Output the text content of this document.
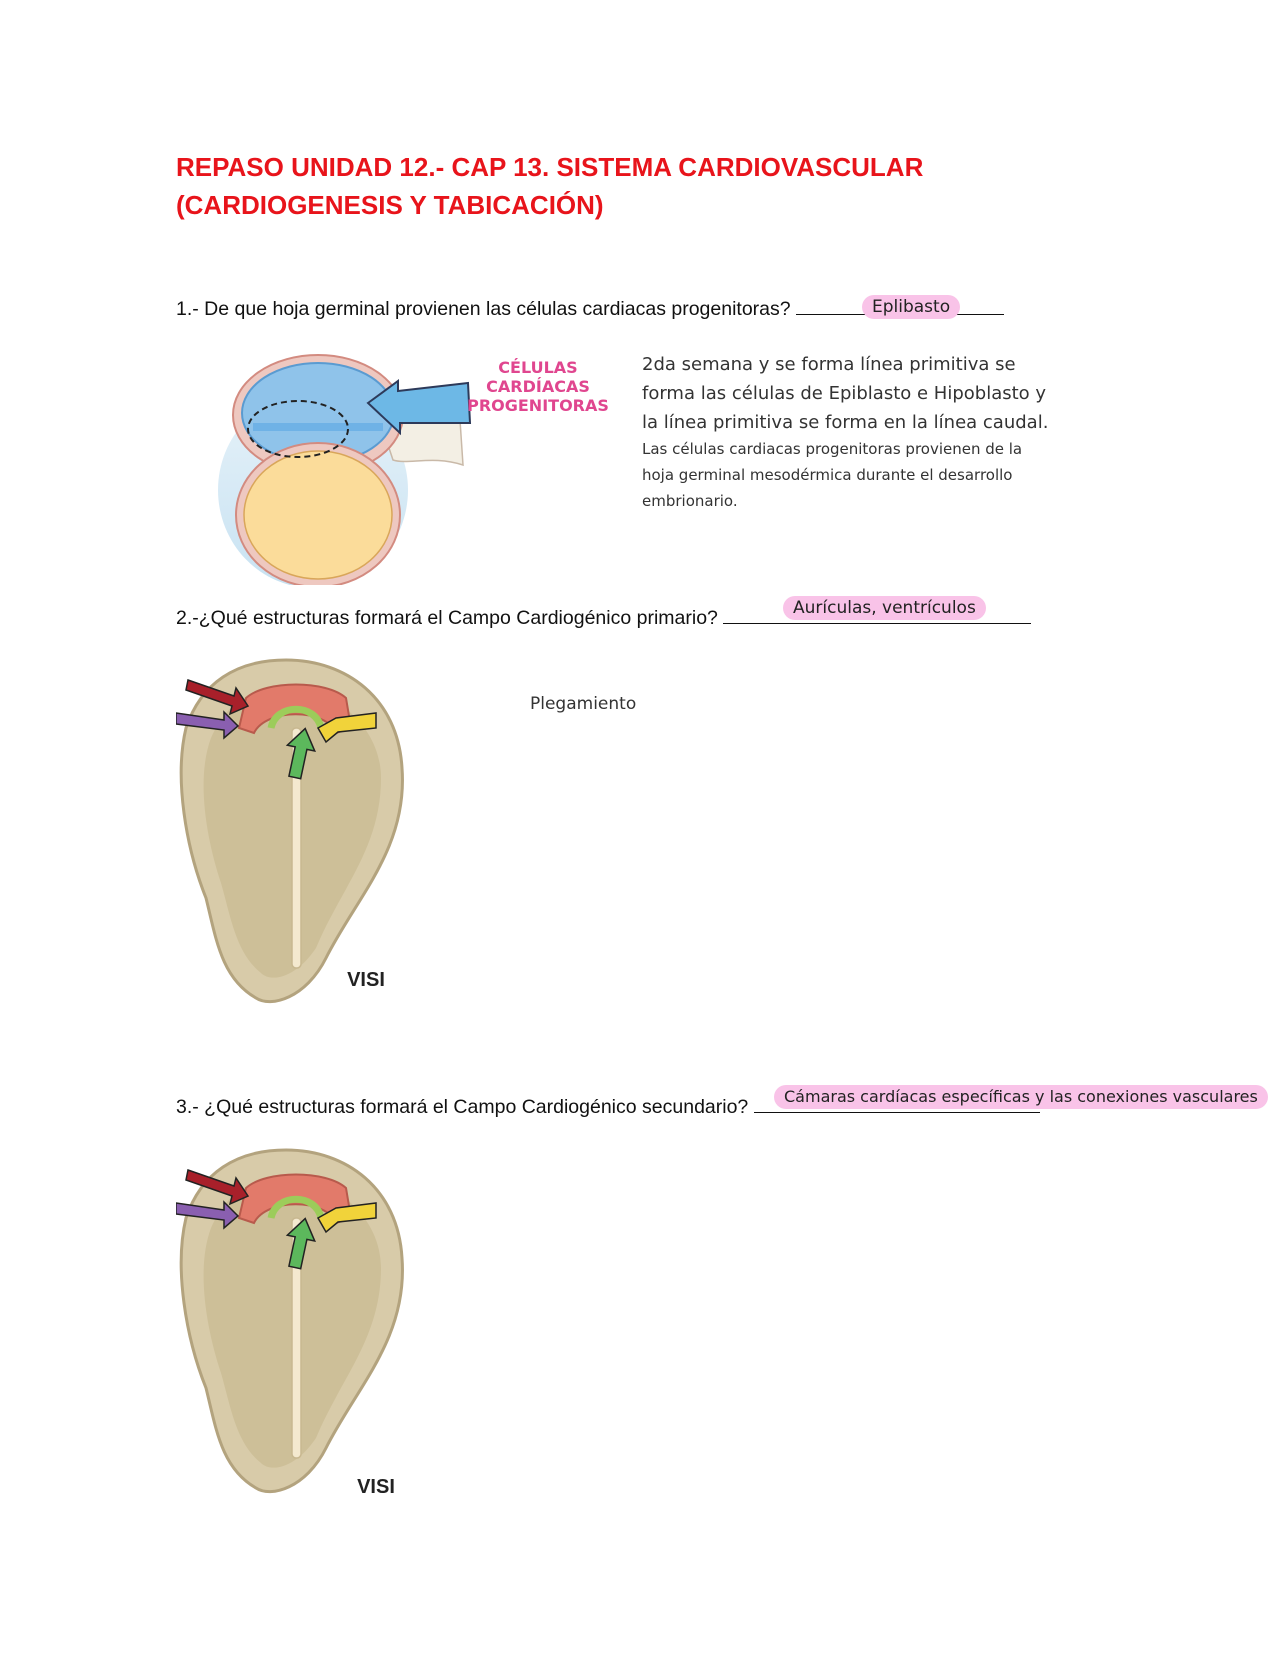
REPASO UNIDAD 12.- CAP 13. SISTEMA CARDIOVASCULAR (CARDIOGENESIS Y TABICACIÓN)
1.- De que hoja germinal provienen las células cardiacas progenitoras?	Eplibasto
CÉLULAS
CARDÍACAS
PROGENITORAS
2da semana y se forma línea primitiva se
forma las células de Epiblasto e Hipoblasto y
la línea primitiva se forma en la línea caudal.
Las células cardiacas progenitoras provienen de la
hoja germinal mesodérmica durante el desarrollo
embrionario.
2.-¿Qué estructuras formará el Campo Cardiogénico primario?	Aurículas, ventrículos
Plegamiento
VISI
3.- ¿Qué estructuras formará el Campo Cardiogénico secundario?	Cámaras cardíacas específicas y las conexiones vasculares
VISI
